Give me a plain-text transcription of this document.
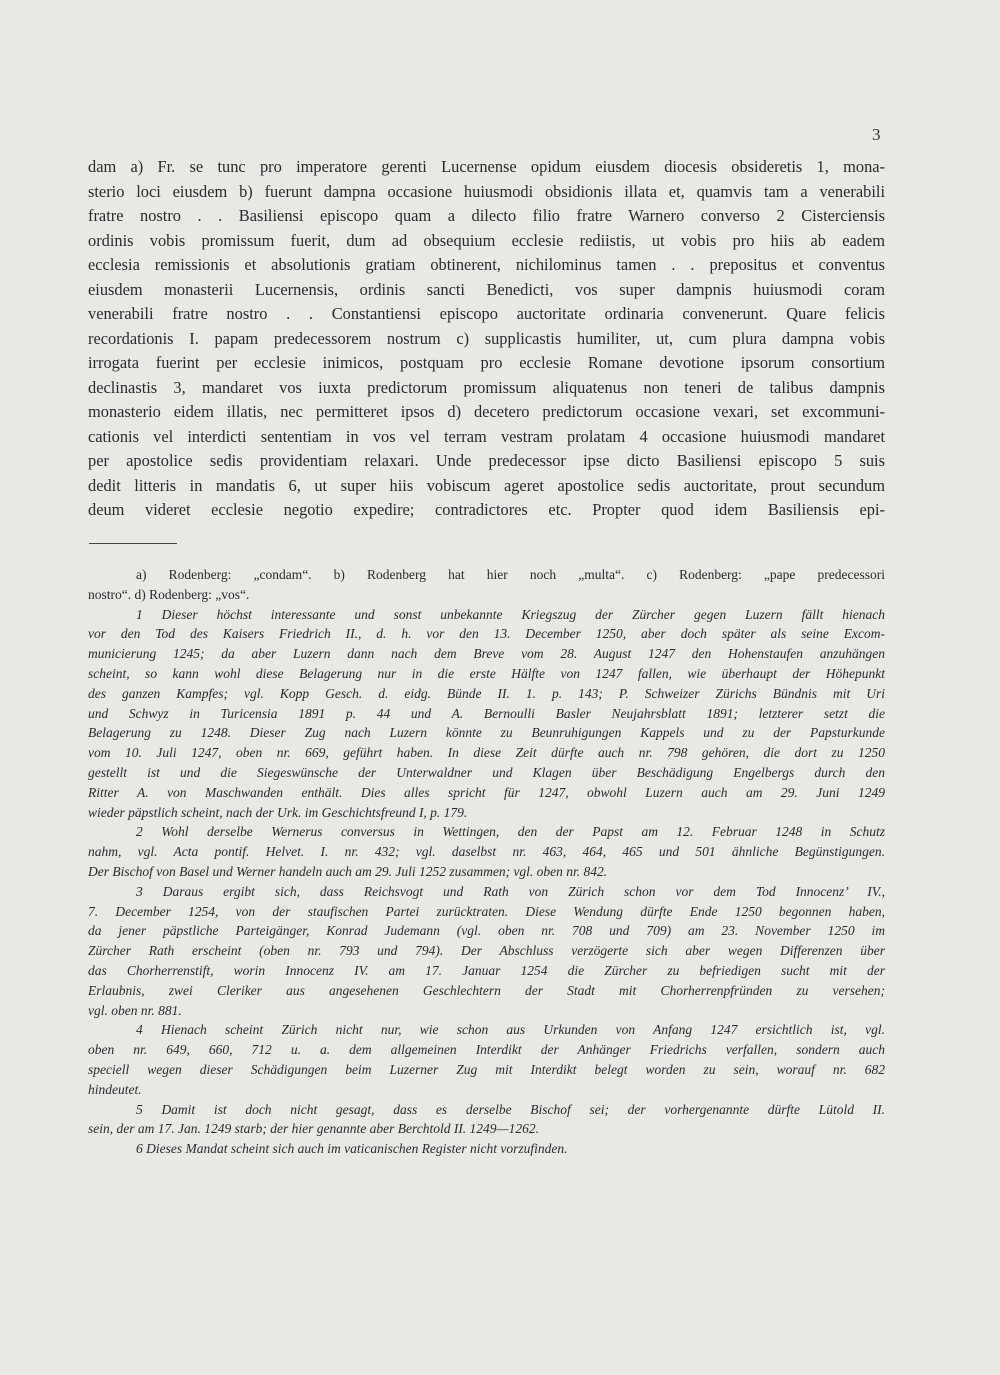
3
dam a) Fr. se tunc pro imperatore gerenti Lucernense opidum eiusdem diocesis obsideretis 1, mona-
sterio loci eiusdem b) fuerunt dampna occasione huiusmodi obsidionis illata et, quamvis tam a venerabili
fratre nostro . . Basiliensi episcopo quam a dilecto filio fratre Warnero converso 2 Cisterciensis
ordinis vobis promissum fuerit, dum ad obsequium ecclesie rediistis, ut vobis pro hiis ab eadem
ecclesia remissionis et absolutionis gratiam obtinerent, nichilominus tamen . . prepositus et conventus
eiusdem monasterii Lucernensis, ordinis sancti Benedicti, vos super dampnis huiusmodi coram
venerabili fratre nostro . . Constantiensi episcopo auctoritate ordinaria convenerunt. Quare felicis
recordationis I. papam predecessorem nostrum c) supplicastis humiliter, ut, cum plura dampna vobis
irrogata fuerint per ecclesie inimicos, postquam pro ecclesie Romane devotione ipsorum consortium
declinastis 3, mandaret vos iuxta predictorum promissum aliquatenus non teneri de talibus dampnis
monasterio eidem illatis, nec permitteret ipsos d) decetero predictorum occasione vexari, set excommuni-
cationis vel interdicti sententiam in vos vel terram vestram prolatam 4 occasione huiusmodi mandaret
per apostolice sedis providentiam relaxari. Unde predecessor ipse dicto Basiliensi episcopo 5 suis
dedit litteris in mandatis 6, ut super hiis vobiscum ageret apostolice sedis auctoritate, prout secundum
deum videret ecclesie negotio expedire; contradictores etc. Propter quod idem Basiliensis epi-
a) Rodenberg: „condam“. b) Rodenberg hat hier noch „multa“. c) Rodenberg: „pape predecessori
nostro“. d) Rodenberg: „vos“.
1 Dieser höchst interessante und sonst unbekannte Kriegszug der Zürcher gegen Luzern fällt hienach
vor den Tod des Kaisers Friedrich II., d. h. vor den 13. December 1250, aber doch später als seine Excom-
municierung 1245; da aber Luzern dann nach dem Breve vom 28. August 1247 den Hohenstaufen anzuhängen
scheint, so kann wohl diese Belagerung nur in die erste Hälfte von 1247 fallen, wie überhaupt der Höhepunkt
des ganzen Kampfes; vgl. Kopp Gesch. d. eidg. Bünde II. 1. p. 143; P. Schweizer Zürichs Bündnis mit Uri
und Schwyz in Turicensia 1891 p. 44 und A. Bernoulli Basler Neujahrsblatt 1891; letzterer setzt die
Belagerung zu 1248. Dieser Zug nach Luzern könnte zu Beunruhigungen Kappels und zu der Papsturkunde
vom 10. Juli 1247, oben nr. 669, geführt haben. In diese Zeit dürfte auch nr. 798 gehören, die dort zu 1250
gestellt ist und die Siegeswünsche der Unterwaldner und Klagen über Beschädigung Engelbergs durch den
Ritter A. von Maschwanden enthält. Dies alles spricht für 1247, obwohl Luzern auch am 29. Juni 1249
wieder päpstlich scheint, nach der Urk. im Geschichtsfreund I, p. 179.
2 Wohl derselbe Wernerus conversus in Wettingen, den der Papst am 12. Februar 1248 in Schutz
nahm, vgl. Acta pontif. Helvet. I. nr. 432; vgl. daselbst nr. 463, 464, 465 und 501 ähnliche Begünstigungen.
Der Bischof von Basel und Werner handeln auch am 29. Juli 1252 zusammen; vgl. oben nr. 842.
3 Daraus ergibt sich, dass Reichsvogt und Rath von Zürich schon vor dem Tod Innocenz’ IV.,
7. December 1254, von der staufischen Partei zurücktraten. Diese Wendung dürfte Ende 1250 begonnen haben,
da jener päpstliche Parteigänger, Konrad Judemann (vgl. oben nr. 708 und 709) am 23. November 1250 im
Zürcher Rath erscheint (oben nr. 793 und 794). Der Abschluss verzögerte sich aber wegen Differenzen über
das Chorherrenstift, worin Innocenz IV. am 17. Januar 1254 die Zürcher zu befriedigen sucht mit der
Erlaubnis, zwei Cleriker aus angesehenen Geschlechtern der Stadt mit Chorherrenpfründen zu versehen;
vgl. oben nr. 881.
4 Hienach scheint Zürich nicht nur, wie schon aus Urkunden von Anfang 1247 ersichtlich ist, vgl.
oben nr. 649, 660, 712 u. a. dem allgemeinen Interdikt der Anhänger Friedrichs verfallen, sondern auch
speciell wegen dieser Schädigungen beim Luzerner Zug mit Interdikt belegt worden zu sein, worauf nr. 682
hindeutet.
5 Damit ist doch nicht gesagt, dass es derselbe Bischof sei; der vorhergenannte dürfte Lütold II.
sein, der am 17. Jan. 1249 starb; der hier genannte aber Berchtold II. 1249—1262.
6 Dieses Mandat scheint sich auch im vaticanischen Register nicht vorzufinden.
